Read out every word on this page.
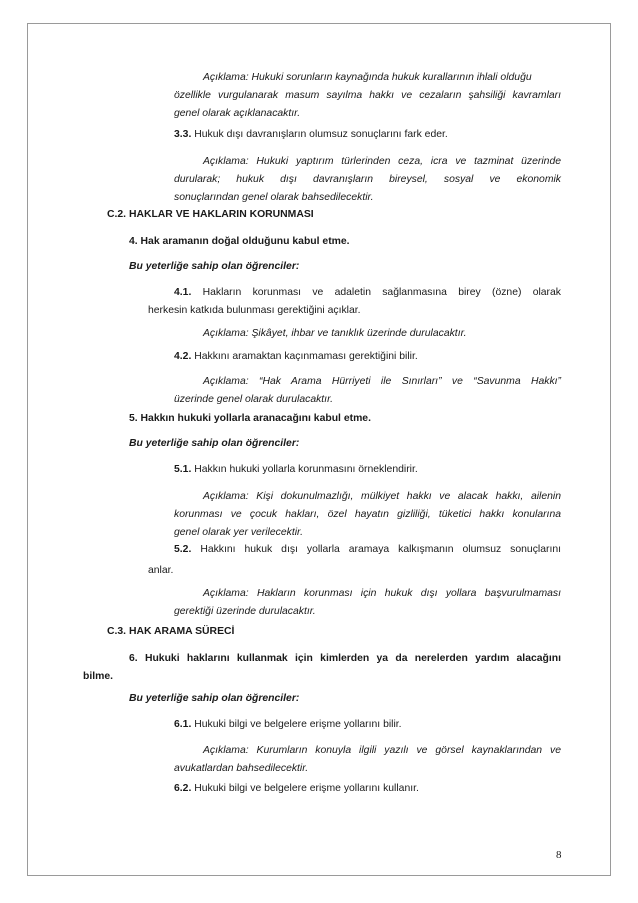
Açıklama: Hukuki sorunların kaynağında hukuk kurallarının ihlali olduğu
özellikle vurgulanarak masum sayılma hakkı ve cezaların şahsiliği kavramları
genel olarak açıklanacaktır.
3.3. Hukuk dışı davranışların olumsuz sonuçlarını fark eder.
Açıklama: Hukuki yaptırım türlerinden ceza, icra ve tazminat üzerinde
durularak; hukuk dışı davranışların bireysel, sosyal ve ekonomik
sonuçlarından genel olarak bahsedilecektir.
C.2. HAKLAR VE HAKLARIN KORUNMASI
4. Hak aramanın doğal olduğunu kabul etme.
Bu yeterliğe sahip olan öğrenciler:
4.1. Hakların korunması ve adaletin sağlanmasına birey (özne) olarak
herkesin katkıda bulunması gerektiğini açıklar.
Açıklama: Şikâyet, ihbar ve tanıklık üzerinde durulacaktır.
4.2. Hakkını aramaktan kaçınmaması gerektiğini bilir.
Açıklama: “Hak Arama Hürriyeti ile Sınırları” ve “Savunma Hakkı”
üzerinde genel olarak durulacaktır.
5. Hakkın hukuki yollarla aranacağını kabul etme.
Bu yeterliğe sahip olan öğrenciler:
5.1. Hakkın hukuki yollarla korunmasını örneklendirir.
Açıklama: Kişi dokunulmazlığı, mülkiyet hakkı ve alacak hakkı, ailenin
korunması ve çocuk hakları, özel hayatın gizliliği, tüketici hakkı konularına
genel olarak yer verilecektir.
5.2. Hakkını hukuk dışı yollarla aramaya kalkışmanın olumsuz sonuçlarını
anlar.
Açıklama: Hakların korunması için hukuk dışı yollara başvurulmaması
gerektiği üzerinde durulacaktır.
C.3. HAK ARAMA SÜRECİ
6. Hukuki haklarını kullanmak için kimlerden ya da nerelerden yardım alacağını
bilme.
Bu yeterliğe sahip olan öğrenciler:
6.1. Hukuki bilgi ve belgelere erişme yollarını bilir.
Açıklama: Kurumların konuyla ilgili yazılı ve görsel kaynaklarından ve
avukatlardan bahsedilecektir.
6.2. Hukuki bilgi ve belgelere erişme yollarını kullanır.
8
